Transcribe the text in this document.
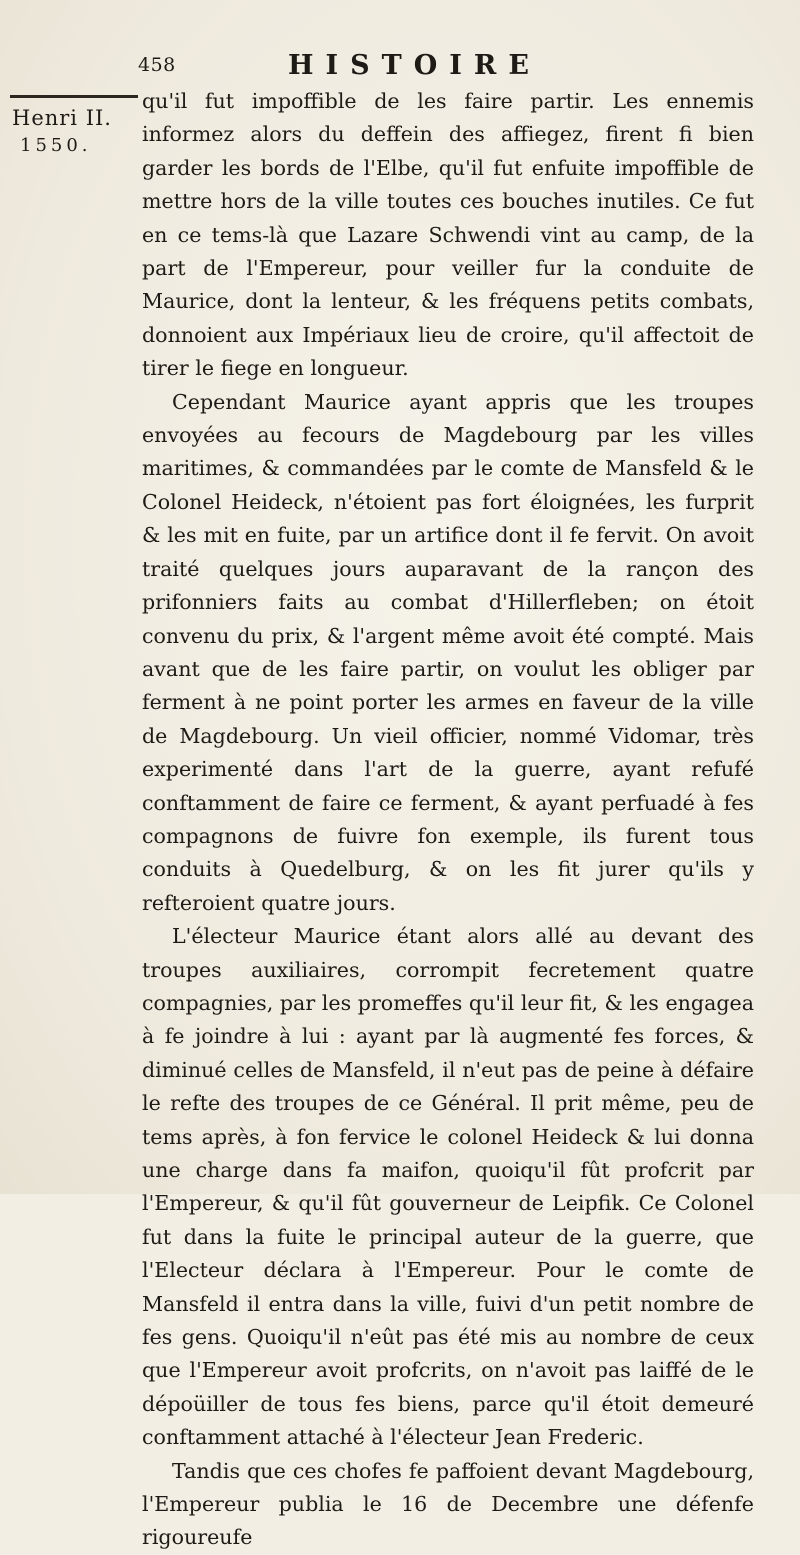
458	HISTOIRE
Henri II.
1550.

qu'il fut impoffible de les faire partir. Les ennemis informez alors du deffein des affiegez, firent fi bien garder les bords de l'Elbe, qu'il fut enfuite impoffible de mettre hors de la ville toutes ces bouches inutiles. Ce fut en ce tems-là que Lazare Schwendi vint au camp, de la part de l'Empereur, pour veiller fur la conduite de Maurice, dont la lenteur, & les fréquens petits combats, donnoient aux Impériaux lieu de croire, qu'il affectoit de tirer le fiege en longueur.

Cependant Maurice ayant appris que les troupes envoyées au fecours de Magdebourg par les villes maritimes, & commandées par le comte de Mansfeld & le Colonel Heideck, n'étoient pas fort éloignées, les furprit & les mit en fuite, par un artifice dont il fe fervit. On avoit traité quelques jours auparavant de la rançon des prifonniers faits au combat d'Hillerfleben; on étoit convenu du prix, & l'argent même avoit été compté. Mais avant que de les faire partir, on voulut les obliger par ferment à ne point porter les armes en faveur de la ville de Magdebourg. Un vieil officier, nommé Vidomar, très experimenté dans l'art de la guerre, ayant refufé conftamment de faire ce ferment, & ayant perfuadé à fes compagnons de fuivre fon exemple, ils furent tous conduits à Quedelburg, & on les fit jurer qu'ils y refteroient quatre jours.

L'électeur Maurice étant alors allé au devant des troupes auxiliaires, corrompit fecretement quatre compagnies, par les promeffes qu'il leur fit, & les engagea à fe joindre à lui : ayant par là augmenté fes forces, & diminué celles de Mansfeld, il n'eut pas de peine à défaire le refte des troupes de ce Général. Il prit même, peu de tems après, à fon fervice le colonel Heideck & lui donna une charge dans fa maifon, quoiqu'il fût profcrit par l'Empereur, & qu'il fût gouverneur de Leipfik. Ce Colonel fut dans la fuite le principal auteur de la guerre, que l'Electeur déclara à l'Empereur. Pour le comte de Mansfeld il entra dans la ville, fuivi d'un petit nombre de fes gens. Quoiqu'il n'eût pas été mis au nombre de ceux que l'Empereur avoit profcrits, on n'avoit pas laiffé de le dépoüiller de tous fes biens, parce qu'il étoit demeuré conftamment attaché à l'électeur Jean Frederic.

Tandis que ces chofes fe paffoient devant Magdebourg, l'Empereur publia le 16 de Decembre une défenfe rigoureufe
